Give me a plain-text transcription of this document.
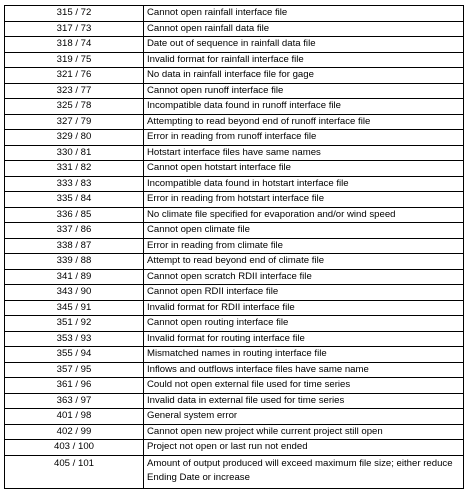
315 / 72	Cannot open rainfall interface file
317 / 73	Cannot open rainfall data file
318 / 74	Date out of sequence in rainfall data file
319 / 75	Invalid format for rainfall interface file
321 / 76	No data in rainfall interface file for gage
323 / 77	Cannot open runoff interface file
325 / 78	Incompatible data found in runoff interface file
327 / 79	Attempting to read beyond end of runoff interface file
329 / 80	Error in reading from runoff interface file
330 / 81	Hotstart interface files have same names
331 / 82	Cannot open hotstart interface file
333 / 83	Incompatible data found in hotstart interface file
335 / 84	Error in reading from hotstart interface file
336 / 85	No climate file specified for evaporation and/or wind speed
337 / 86	Cannot open climate file
338 / 87	Error in reading from climate file
339 / 88	Attempt to read beyond end of climate file
341 / 89	Cannot open scratch RDII interface file
343 / 90	Cannot open RDII interface file
345 / 91	Invalid format for RDII interface file
351 / 92	Cannot open routing interface file
353 / 93	Invalid format for routing interface file
355 / 94	Mismatched names in routing interface file
357 / 95	Inflows and outflows interface files have same name
361 / 96	Could not open external file used for time series
363 / 97	Invalid data in external file used for time series
401 / 98	General system error
402 / 99	Cannot open new project while current project still open
403 / 100	Project not open or last run not ended
405 / 101	Amount of output produced will exceed maximum file size; either reduce Ending Date or increase
